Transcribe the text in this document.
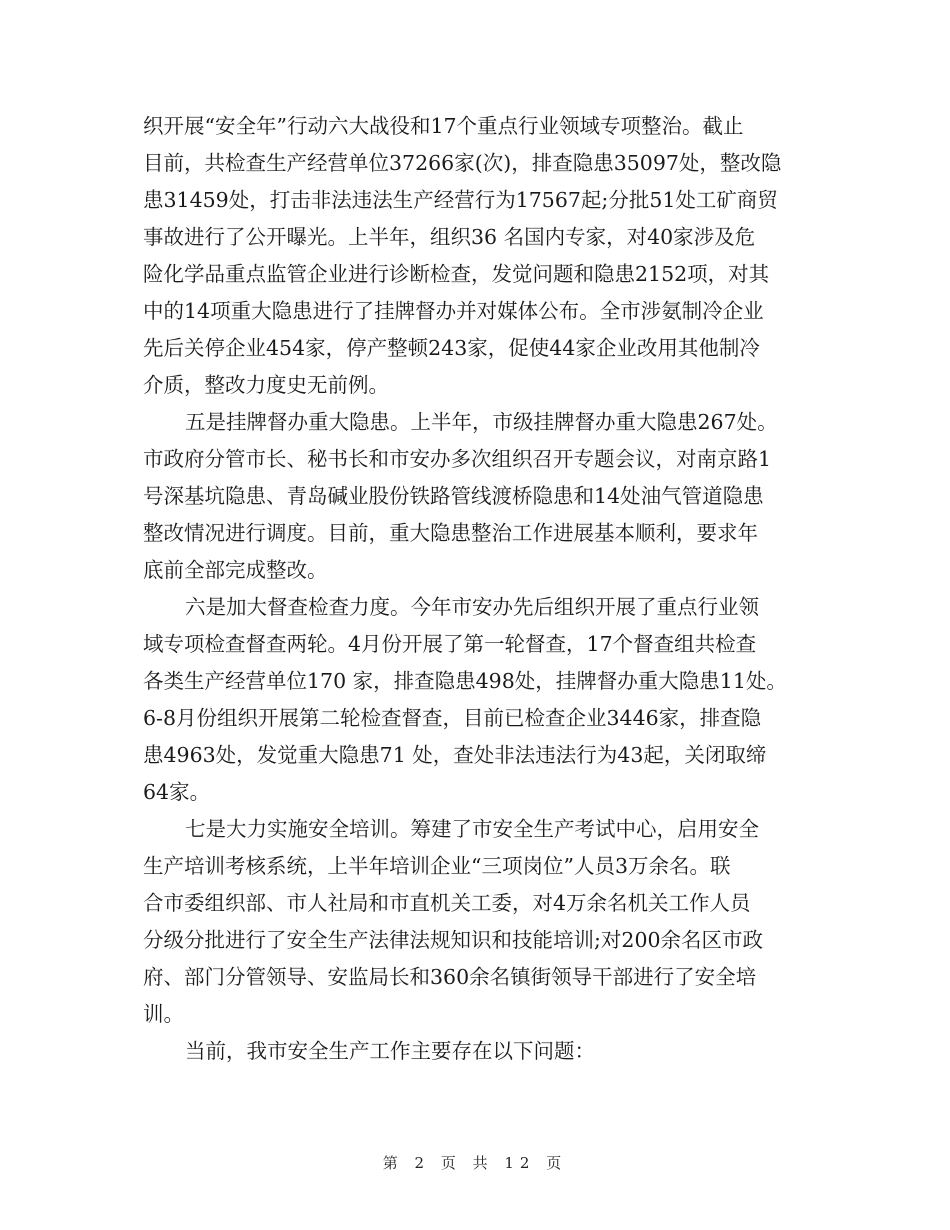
织开展“安全年”行动六大战役和17个重点行业领域专项整治。截止
目前，共检查生产经营单位37266家(次)，排查隐患35097处，整改隐
患31459处，打击非法违法生产经营行为17567起;分批51处工矿商贸
事故进行了公开曝光。上半年，组织36 名国内专家，对40家涉及危
险化学品重点监管企业进行诊断检查，发觉问题和隐患2152项，对其
中的14项重大隐患进行了挂牌督办并对媒体公布。全市涉氨制冷企业
先后关停企业454家，停产整顿243家，促使44家企业改用其他制冷
介质，整改力度史无前例。
五是挂牌督办重大隐患。上半年，市级挂牌督办重大隐患267处。
市政府分管市长、秘书长和市安办多次组织召开专题会议，对南京路1
号深基坑隐患、青岛碱业股份铁路管线渡桥隐患和14处油气管道隐患
整改情况进行调度。目前，重大隐患整治工作进展基本顺利，要求年
底前全部完成整改。
六是加大督查检查力度。今年市安办先后组织开展了重点行业领
域专项检查督查两轮。4月份开展了第一轮督查，17个督查组共检查
各类生产经营单位170 家，排查隐患498处，挂牌督办重大隐患11处。
6-8月份组织开展第二轮检查督查，目前已检查企业3446家，排查隐
患4963处，发觉重大隐患71 处，查处非法违法行为43起，关闭取缔
64家。
七是大力实施安全培训。筹建了市安全生产考试中心，启用安全
生产培训考核系统，上半年培训企业“三项岗位”人员3万余名。联
合市委组织部、市人社局和市直机关工委，对4万余名机关工作人员
分级分批进行了安全生产法律法规知识和技能培训;对200余名区市政
府、部门分管领导、安监局长和360余名镇街领导干部进行了安全培
训。
当前，我市安全生产工作主要存在以下问题：
第 2 页 共 12 页
